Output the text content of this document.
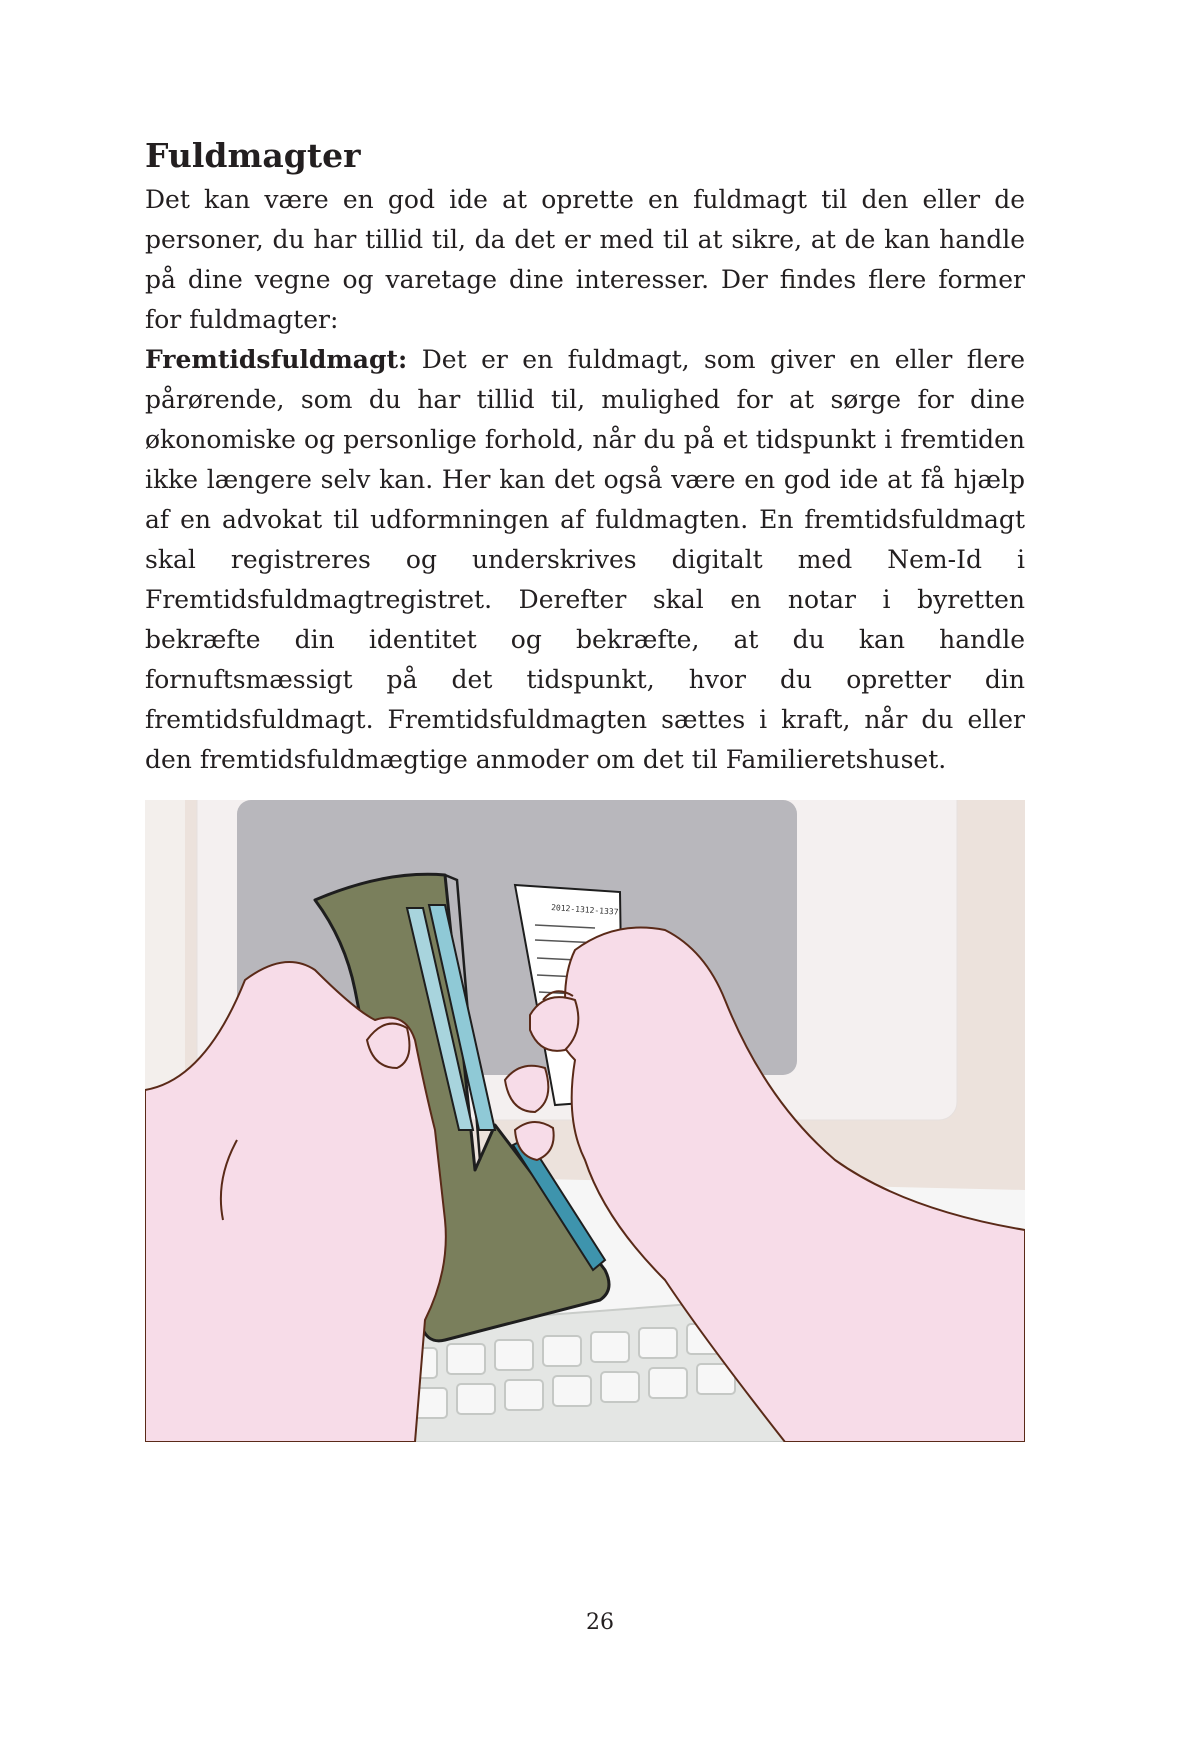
Fuldmagter

Det kan være en god ide at oprette en fuldmagt til den eller de personer, du har tillid til, da det er med til at sikre, at de kan handle på dine vegne og varetage dine interesser. Der findes flere former for fuldmagter:

Fremtidsfuldmagt: Det er en fuldmagt, som giver en eller flere pårørende, som du har tillid til, mulighed for at sørge for dine økonomiske og personlige forhold, når du på et tidspunkt i fremtiden ikke længere selv kan. Her kan det også være en god ide at få hjælp af en advokat til udformningen af fuldmagten. En fremtidsfuldmagt skal registreres og underskrives digitalt med Nem-Id i Fremtidsfuldmagtregistret. Derefter skal en notar i byretten bekræfte din identitet og bekræfte, at du kan handle fornuftsmæssigt på det tidspunkt, hvor du opretter din fremtidsfuldmagt. Fremtidsfuldmagten sættes i kraft, når du eller den fremtidsfuldmægtige anmoder om det til Familieretshuset.

2012-1312-1337
26
